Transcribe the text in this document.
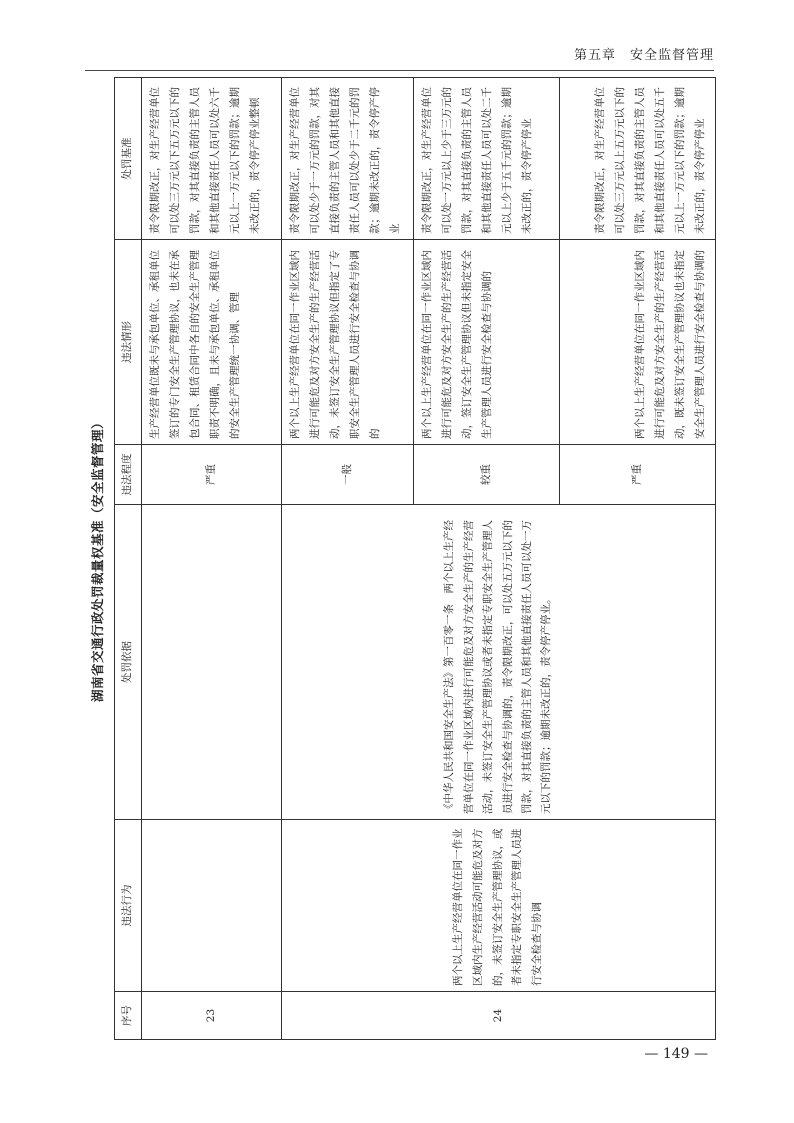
第五章　安全监督管理
湖南省交通行政处罚裁量权基准（安全监督管理）
序号	违法行为	处罚依据	违法程度	违法情形	处罚基准
23			严重	生产经营单位既未与承包单位、承租单位签订的专门安全生产管理协议，也未在承包合同、租赁合同中各自的安全生产管理职责不明确，且未与承包单位、承租单位的安全生产管理统一协调、管理	责令限期改正，对生产经营单位可以处三万元以下五万元以下的罚款，对其直接负责的主管人员和其他直接责任人员可以处六千元以上一万元以下的罚款；逾期未改正的，责令停产停业整顿
24	两个以上生产经营单位在同一作业区域内生产经营活动可能危及对方的，未签订安全生产管理协议，或者未指定专职安全生产管理人员进行安全检查与协调	《中华人民共和国安全生产法》第一百零一条　两个以上生产经营单位在同一作业区域内进行可能危及对方安全生产的生产经营活动，未签订安全生产管理协议或者未指定专职安全生产管理人员进行安全检查与协调的，责令限期改正，可以处五万元以下的罚款，对其直接负责的主管人员和其他直接责任人员可以处一万元以下的罚款；逾期未改正的，责令停产停业。	一般	两个以上生产经营单位在同一作业区域内进行可能危及对方安全生产的生产经营活动，未签订安全生产管理协议但指定了专职安全生产管理人员进行安全检查与协调的	责令限期改正，对生产经营单位可以处少于一万元的罚款，对其直接负责的主管人员和其他直接责任人员可以处少于二千元的罚款；逾期未改正的，责令停产停业
			较重	两个以上生产经营单位在同一作业区域内进行可能危及对方安全生产的生产经营活动，签订安全生产管理协议但未指定安全生产管理人员进行安全检查与协调的	责令限期改正，对生产经营单位可以处一万元以上少于三万元的罚款，对其直接负责的主管人员和其他直接责任人员可以处二千元以上少于五千元的罚款；逾期未改正的，责令停产停业
			严重	两个以上生产经营单位在同一作业区域内进行可能危及对方安全生产的生产经营活动，既未签订安全生产管理协议也未指定安全生产管理人员进行安全检查与协调的	责令限期改正，对生产经营单位可以处三万元以上五万元以下的罚款，对其直接负责的主管人员和其他直接责任人员可以处五千元以上一万元以下的罚款；逾期未改正的，责令停产停业
— 149 —
